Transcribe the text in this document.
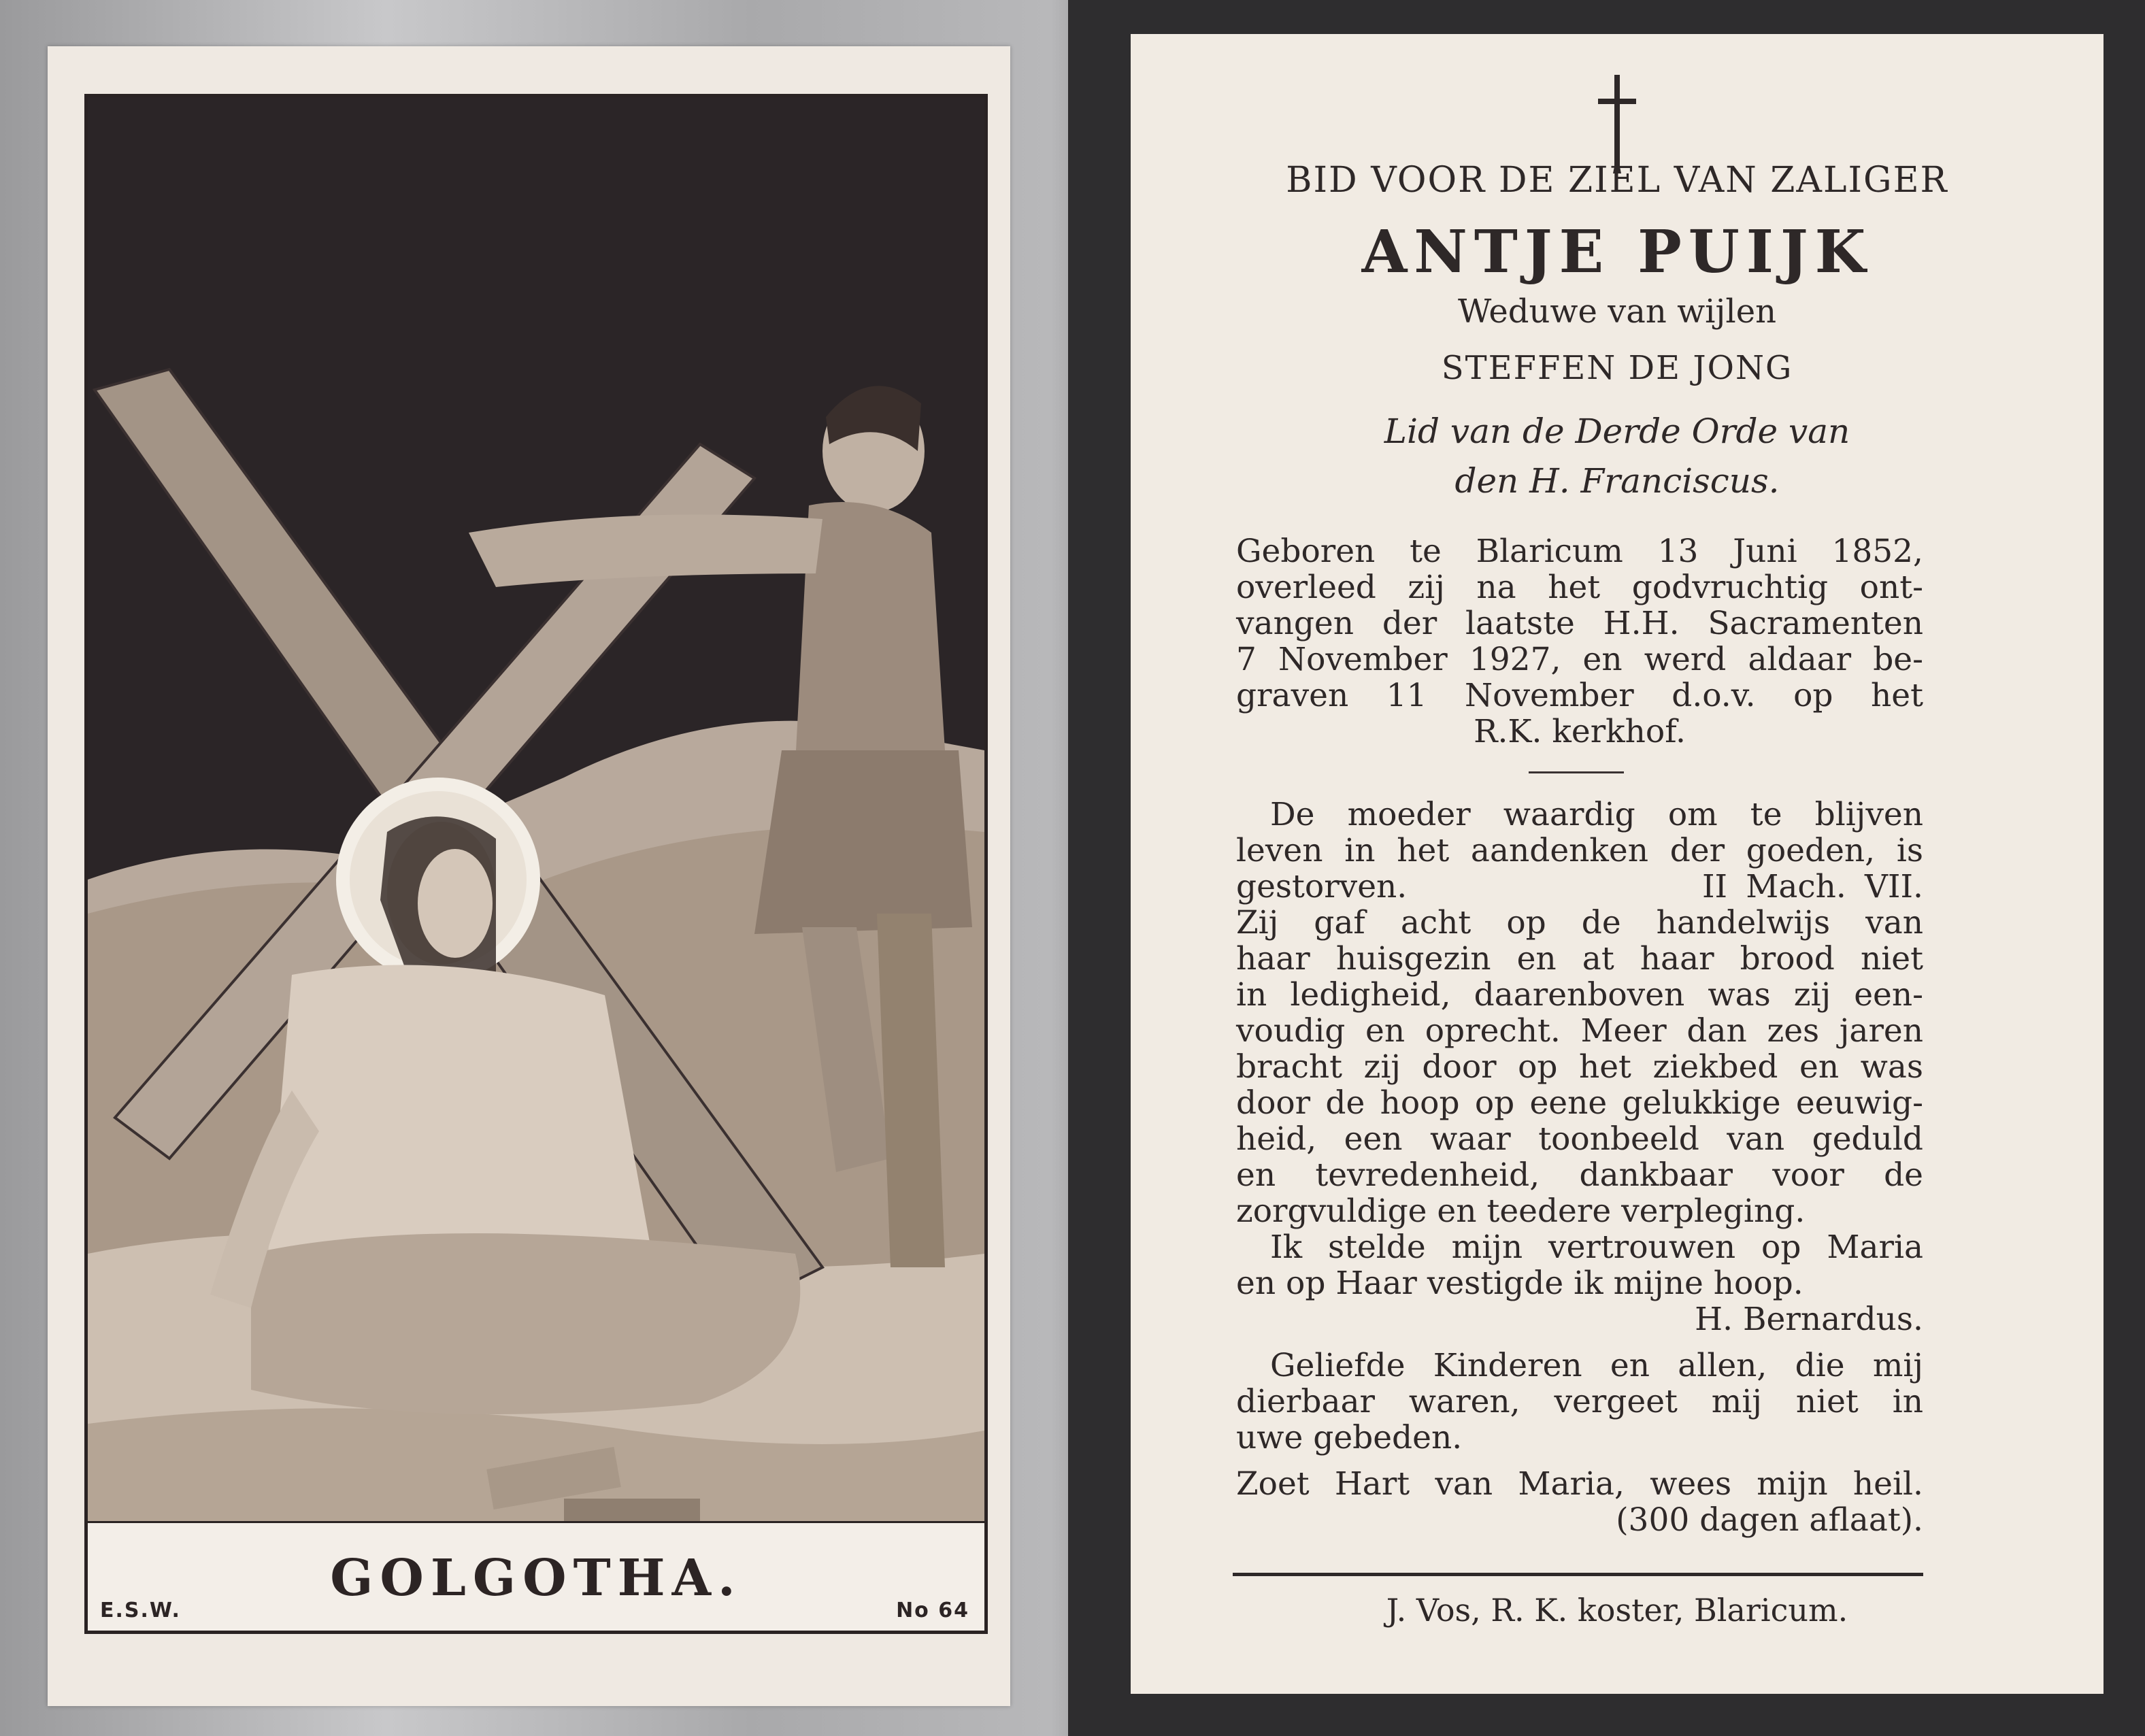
GOLGOTHA.
E.S.W.	No 64
BID VOOR DE ZIEL VAN ZALIGER
ANTJE PUIJK
Weduwe van wijlen
STEFFEN DE JONG
Lid van de Derde Orde van
den H. Franciscus.
Geboren te Blaricum 13 Juni 1852,
overleed zij na het godvruchtig ont-
vangen der laatste H.H. Sacramenten
7 November 1927, en werd aldaar be-
graven 11 November d.o.v. op het
R.K. kerkhof.
De moeder waardig om te blijven
leven in het aandenken der goeden, is
gestorven.                II Mach. VII.
Zij gaf acht op de handelwijs van
haar huisgezin en at haar brood niet
in ledigheid, daarenboven was zij een-
voudig en oprecht. Meer dan zes jaren
bracht zij door op het ziekbed en was
door de hoop op eene gelukkige eeuwig-
heid, een waar toonbeeld van geduld
en tevredenheid, dankbaar voor de
zorgvuldige en teedere verpleging.
Ik stelde mijn vertrouwen op Maria
en op Haar vestigde ik mijne hoop.
H. Bernardus.
Geliefde Kinderen en allen, die mij
dierbaar waren, vergeet mij niet in
uwe gebeden.
Zoet Hart van Maria, wees mijn heil.
(300 dagen aflaat).
J. Vos, R. K. koster, Blaricum.
